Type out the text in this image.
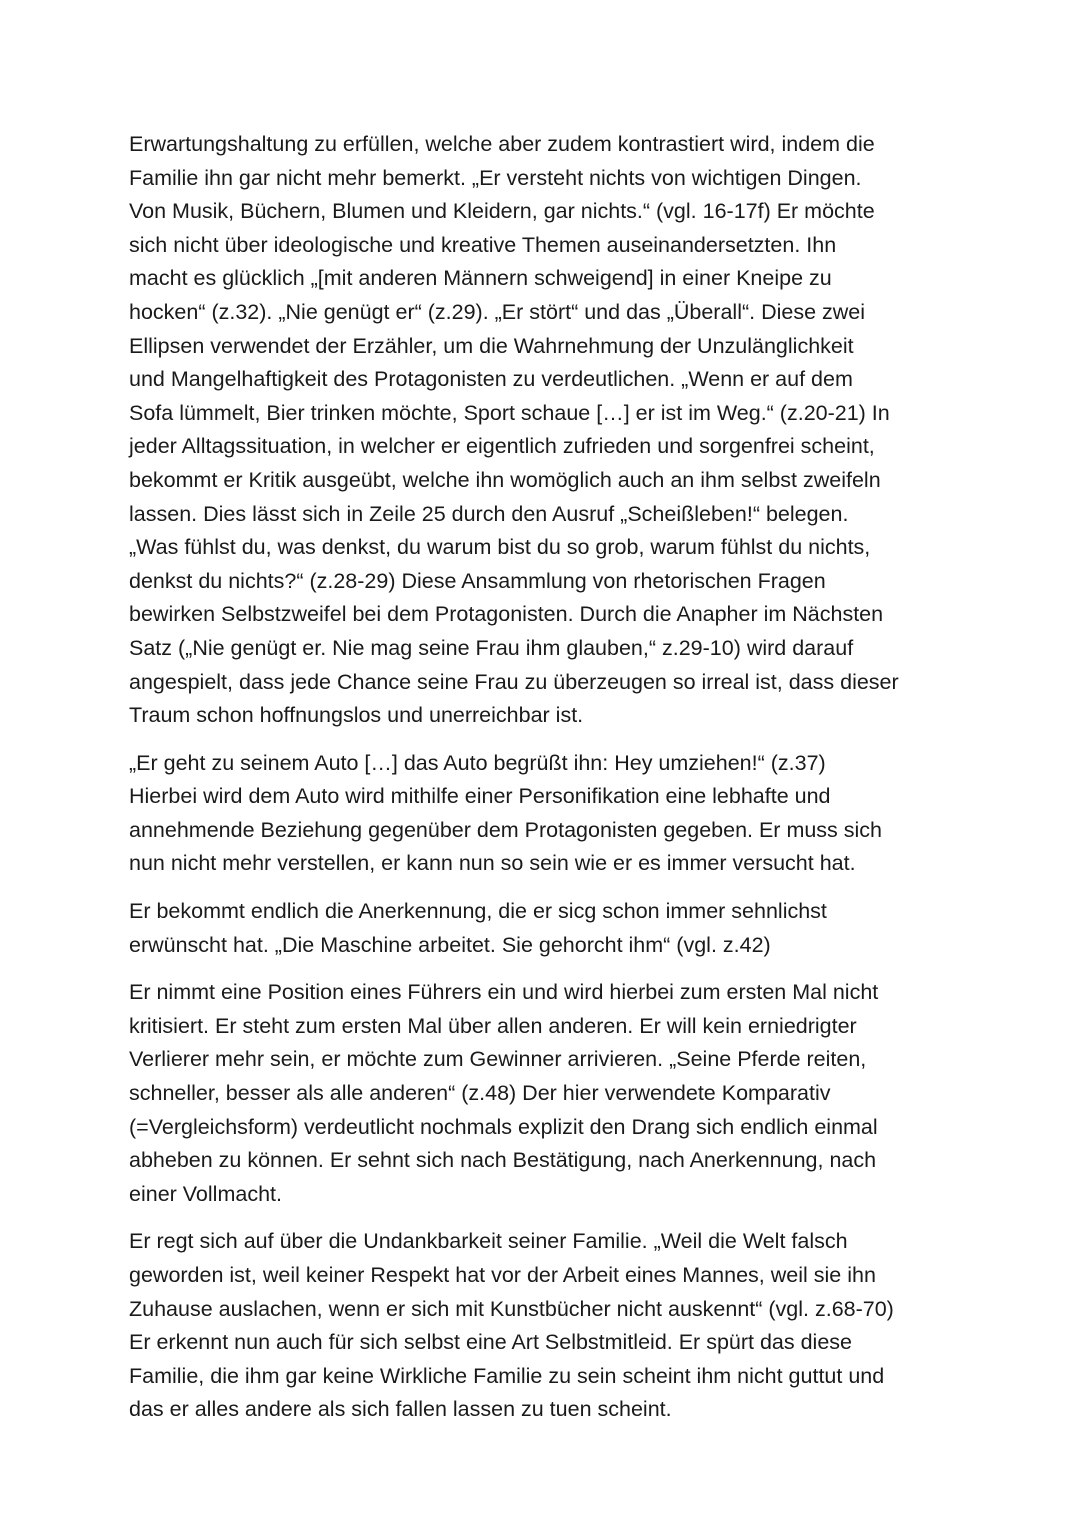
Erwartungshaltung zu erfüllen, welche aber zudem kontrastiert wird, indem die
Familie ihn gar nicht mehr bemerkt. „Er versteht nichts von wichtigen Dingen.
Von Musik, Büchern, Blumen und Kleidern, gar nichts.“ (vgl. 16-17f) Er möchte
sich nicht über ideologische und kreative Themen auseinandersetzten. Ihn
macht es glücklich „[mit anderen Männern schweigend] in einer Kneipe zu
hocken“ (z.32). „Nie genügt er“ (z.29). „Er stört“ und das „Überall“. Diese zwei
Ellipsen verwendet der Erzähler, um die Wahrnehmung der Unzulänglichkeit
und Mangelhaftigkeit des Protagonisten zu verdeutlichen. „Wenn er auf dem
Sofa lümmelt, Bier trinken möchte, Sport schaue […] er ist im Weg.“ (z.20-21) In
jeder Alltagssituation, in welcher er eigentlich zufrieden und sorgenfrei scheint,
bekommt er Kritik ausgeübt, welche ihn womöglich auch an ihm selbst zweifeln
lassen. Dies lässt sich in Zeile 25 durch den Ausruf „Scheißleben!“ belegen.
„Was fühlst du, was denkst, du warum bist du so grob, warum fühlst du nichts,
denkst du nichts?“ (z.28-29) Diese Ansammlung von rhetorischen Fragen
bewirken Selbstzweifel bei dem Protagonisten. Durch die Anapher im Nächsten
Satz („Nie genügt er. Nie mag seine Frau ihm glauben,“ z.29-10) wird darauf
angespielt, dass jede Chance seine Frau zu überzeugen so irreal ist, dass dieser
Traum schon hoffnungslos und unerreichbar ist.

„Er geht zu seinem Auto […] das Auto begrüßt ihn: Hey umziehen!“ (z.37)
Hierbei wird dem Auto wird mithilfe einer Personifikation eine lebhafte und
annehmende Beziehung gegenüber dem Protagonisten gegeben. Er muss sich
nun nicht mehr verstellen, er kann nun so sein wie er es immer versucht hat.

Er bekommt endlich die Anerkennung, die er sicg schon immer sehnlichst
erwünscht hat. „Die Maschine arbeitet. Sie gehorcht ihm“ (vgl. z.42)

Er nimmt eine Position eines Führers ein und wird hierbei zum ersten Mal nicht
kritisiert. Er steht zum ersten Mal über allen anderen. Er will kein erniedrigter
Verlierer mehr sein, er möchte zum Gewinner arrivieren. „Seine Pferde reiten,
schneller, besser als alle anderen“ (z.48) Der hier verwendete Komparativ
(=Vergleichsform) verdeutlicht nochmals explizit den Drang sich endlich einmal
abheben zu können. Er sehnt sich nach Bestätigung, nach Anerkennung, nach
einer Vollmacht.

Er regt sich auf über die Undankbarkeit seiner Familie. „Weil die Welt falsch
geworden ist, weil keiner Respekt hat vor der Arbeit eines Mannes, weil sie ihn
Zuhause auslachen, wenn er sich mit Kunstbücher nicht auskennt“ (vgl. z.68-70)
Er erkennt nun auch für sich selbst eine Art Selbstmitleid. Er spürt das diese
Familie, die ihm gar keine Wirkliche Familie zu sein scheint ihm nicht guttut und
das er alles andere als sich fallen lassen zu tuen scheint.
